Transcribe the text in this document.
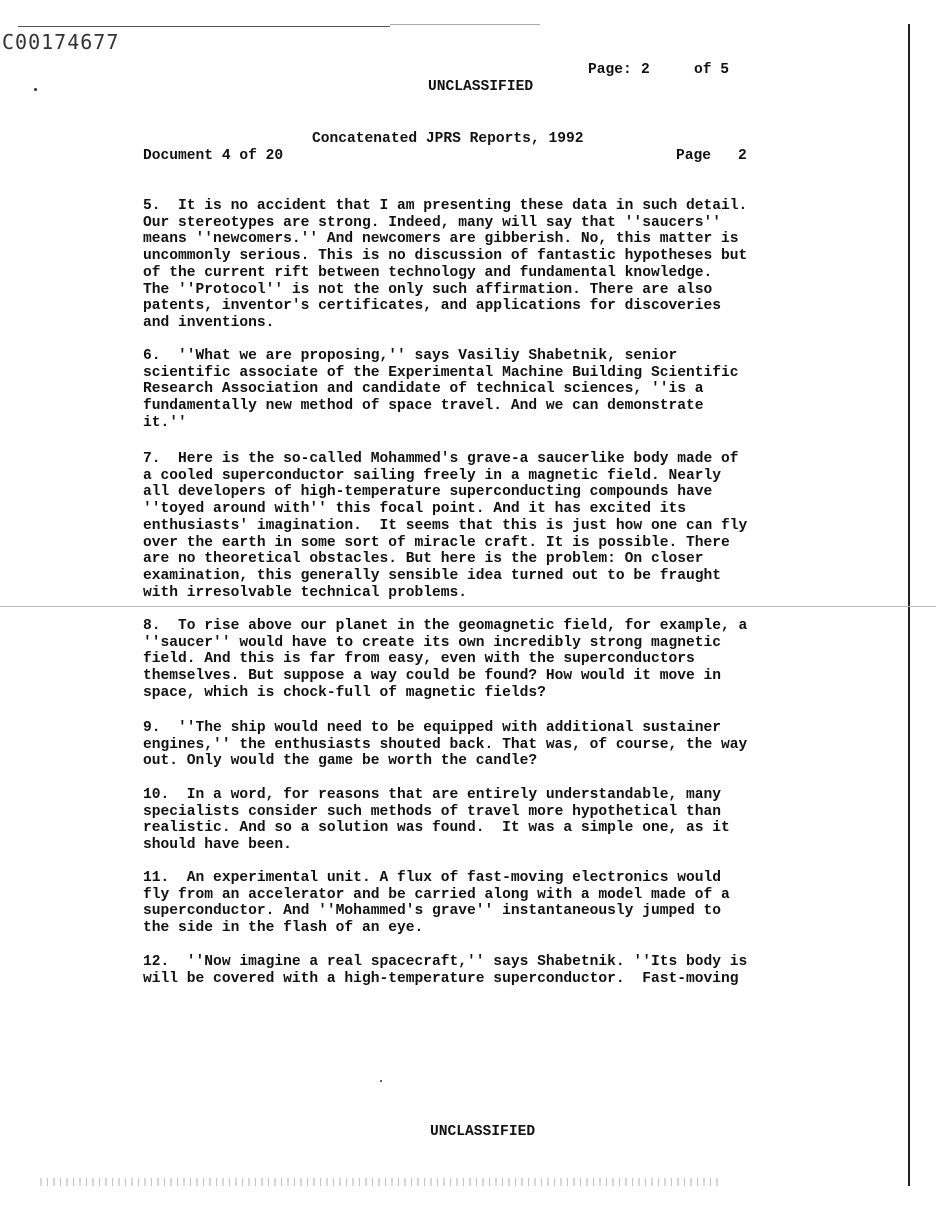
C00174677
Page: 2	of 5
UNCLASSIFIED
Concatenated JPRS Reports, 1992
Document 4 of 20	Page 2

5.  It is no accident that I am presenting these data in such detail.
Our stereotypes are strong. Indeed, many will say that ''saucers''
means ''newcomers.'' And newcomers are gibberish. No, this matter is
uncommonly serious. This is no discussion of fantastic hypotheses but
of the current rift between technology and fundamental knowledge.
The ''Protocol'' is not the only such affirmation. There are also
patents, inventor's certificates, and applications for discoveries
and inventions.

6.  ''What we are proposing,'' says Vasiliy Shabetnik, senior
scientific associate of the Experimental Machine Building Scientific
Research Association and candidate of technical sciences, ''is a
fundamentally new method of space travel. And we can demonstrate
it.''

7.  Here is the so-called Mohammed's grave-a saucerlike body made of
a cooled superconductor sailing freely in a magnetic field. Nearly
all developers of high-temperature superconducting compounds have
''toyed around with'' this focal point. And it has excited its
enthusiasts' imagination.  It seems that this is just how one can fly
over the earth in some sort of miracle craft. It is possible. There
are no theoretical obstacles. But here is the problem: On closer
examination, this generally sensible idea turned out to be fraught
with irresolvable technical problems.

8.  To rise above our planet in the geomagnetic field, for example, a
''saucer'' would have to create its own incredibly strong magnetic
field. And this is far from easy, even with the superconductors
themselves. But suppose a way could be found? How would it move in
space, which is chock-full of magnetic fields?

9.  ''The ship would need to be equipped with additional sustainer
engines,'' the enthusiasts shouted back. That was, of course, the way
out. Only would the game be worth the candle?

10.  In a word, for reasons that are entirely understandable, many
specialists consider such methods of travel more hypothetical than
realistic. And so a solution was found.  It was a simple one, as it
should have been.

11.  An experimental unit. A flux of fast-moving electronics would
fly from an accelerator and be carried along with a model made of a
superconductor. And ''Mohammed's grave'' instantaneously jumped to
the side in the flash of an eye.

12.  ''Now imagine a real spacecraft,'' says Shabetnik. ''Its body is
will be covered with a high-temperature superconductor.  Fast-moving

UNCLASSIFIED
